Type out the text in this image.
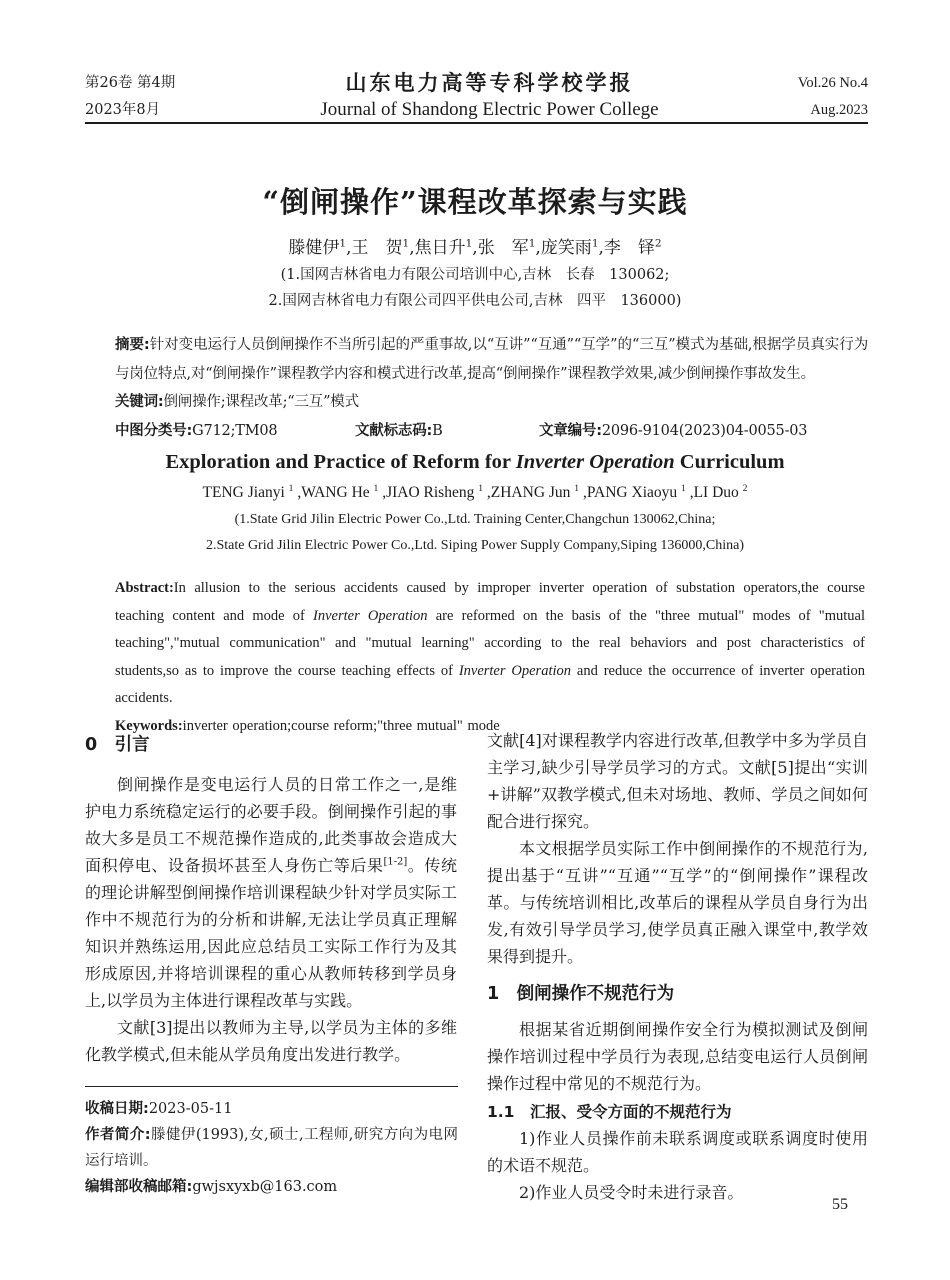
第26卷 第4期
2023年8月
山东电力高等专科学校学报
Journal of Shandong Electric Power College
Vol.26 No.4
Aug.2023
“倒闸操作”课程改革探索与实践
滕健伊$^1$,王　贺$^1$,焦日升$^1$,张　军$^1$,庞笑雨$^1$,李　铎$^2$
(1.国网吉林省电力有限公司培训中心,吉林　长春　130062;
2.国网吉林省电力有限公司四平供电公司,吉林　四平　136000)

摘要:针对变电运行人员倒闸操作不当所引起的严重事故,以“互讲”“互通”“互学”的“三互”模式为基础,根据学员真实行为与岗位特点,对“倒闸操作”课程教学内容和模式进行改革,提高“倒闸操作”课程教学效果,减少倒闸操作事故发生。

关键词:倒闸操作;课程改革;“三互”模式

中图分类号:G712;TM08	文献标志码:B	文章编号:2096-9104(2023)04-0055-03
Exploration and Practice of Reform for Inverter Operation Curriculum
TENG Jianyi $^1$ ,WANG He $^1$ ,JIAO Risheng $^1$ ,ZHANG Jun $^1$ ,PANG Xiaoyu $^1$ ,LI Duo $^2$
(1.State Grid Jilin Electric Power Co.,Ltd. Training Center,Changchun 130062,China;
2.State Grid Jilin Electric Power Co.,Ltd. Siping Power Supply Company,Siping 136000,China)

Abstract:In allusion to the serious accidents caused by improper inverter operation of substation operators,the course teaching content and mode of Inverter Operation are reformed on the basis of the "three mutual" modes of "mutual teaching","mutual communication" and "mutual learning" according to the real behaviors and post characteristics of students,so as to improve the course teaching effects of Inverter Operation and reduce the occurrence of inverter operation accidents.

Keywords:inverter operation;course reform;"three mutual" mode

0　引言

倒闸操作是变电运行人员的日常工作之一,是维护电力系统稳定运行的必要手段。倒闸操作引起的事故大多是员工不规范操作造成的,此类事故会造成大面积停电、设备损坏甚至人身伤亡等后果[1-2]。传统的理论讲解型倒闸操作培训课程缺少针对学员实际工作中不规范行为的分析和讲解,无法让学员真正理解知识并熟练运用,因此应总结员工实际工作行为及其形成原因,并将培训课程的重心从教师转移到学员身上,以学员为主体进行课程改革与实践。

文献[3]提出以教师为主导,以学员为主体的多维化教学模式,但未能从学员角度出发进行教学。

文献[4]对课程教学内容进行改革,但教学中多为学员自主学习,缺少引导学员学习的方式。文献[5]提出“实训+讲解”双教学模式,但未对场地、教师、学员之间如何配合进行探究。

本文根据学员实际工作中倒闸操作的不规范行为,提出基于“互讲”“互通”“互学”的“倒闸操作”课程改革。与传统培训相比,改革后的课程从学员自身行为出发,有效引导学员学习,使学员真正融入课堂中,教学效果得到提升。

1　倒闸操作不规范行为

根据某省近期倒闸操作安全行为模拟测试及倒闸操作培训过程中学员行为表现,总结变电运行人员倒闸操作过程中常见的不规范行为。

1.1　汇报、受令方面的不规范行为

1)作业人员操作前未联系调度或联系调度时使用的术语不规范。

2)作业人员受令时未进行录音。

收稿日期:2023-05-11

作者简介:滕健伊(1993),女,硕士,工程师,研究方向为电网运行培训。

编辑部收稿邮箱:gwjsxyxb@163.com

55
